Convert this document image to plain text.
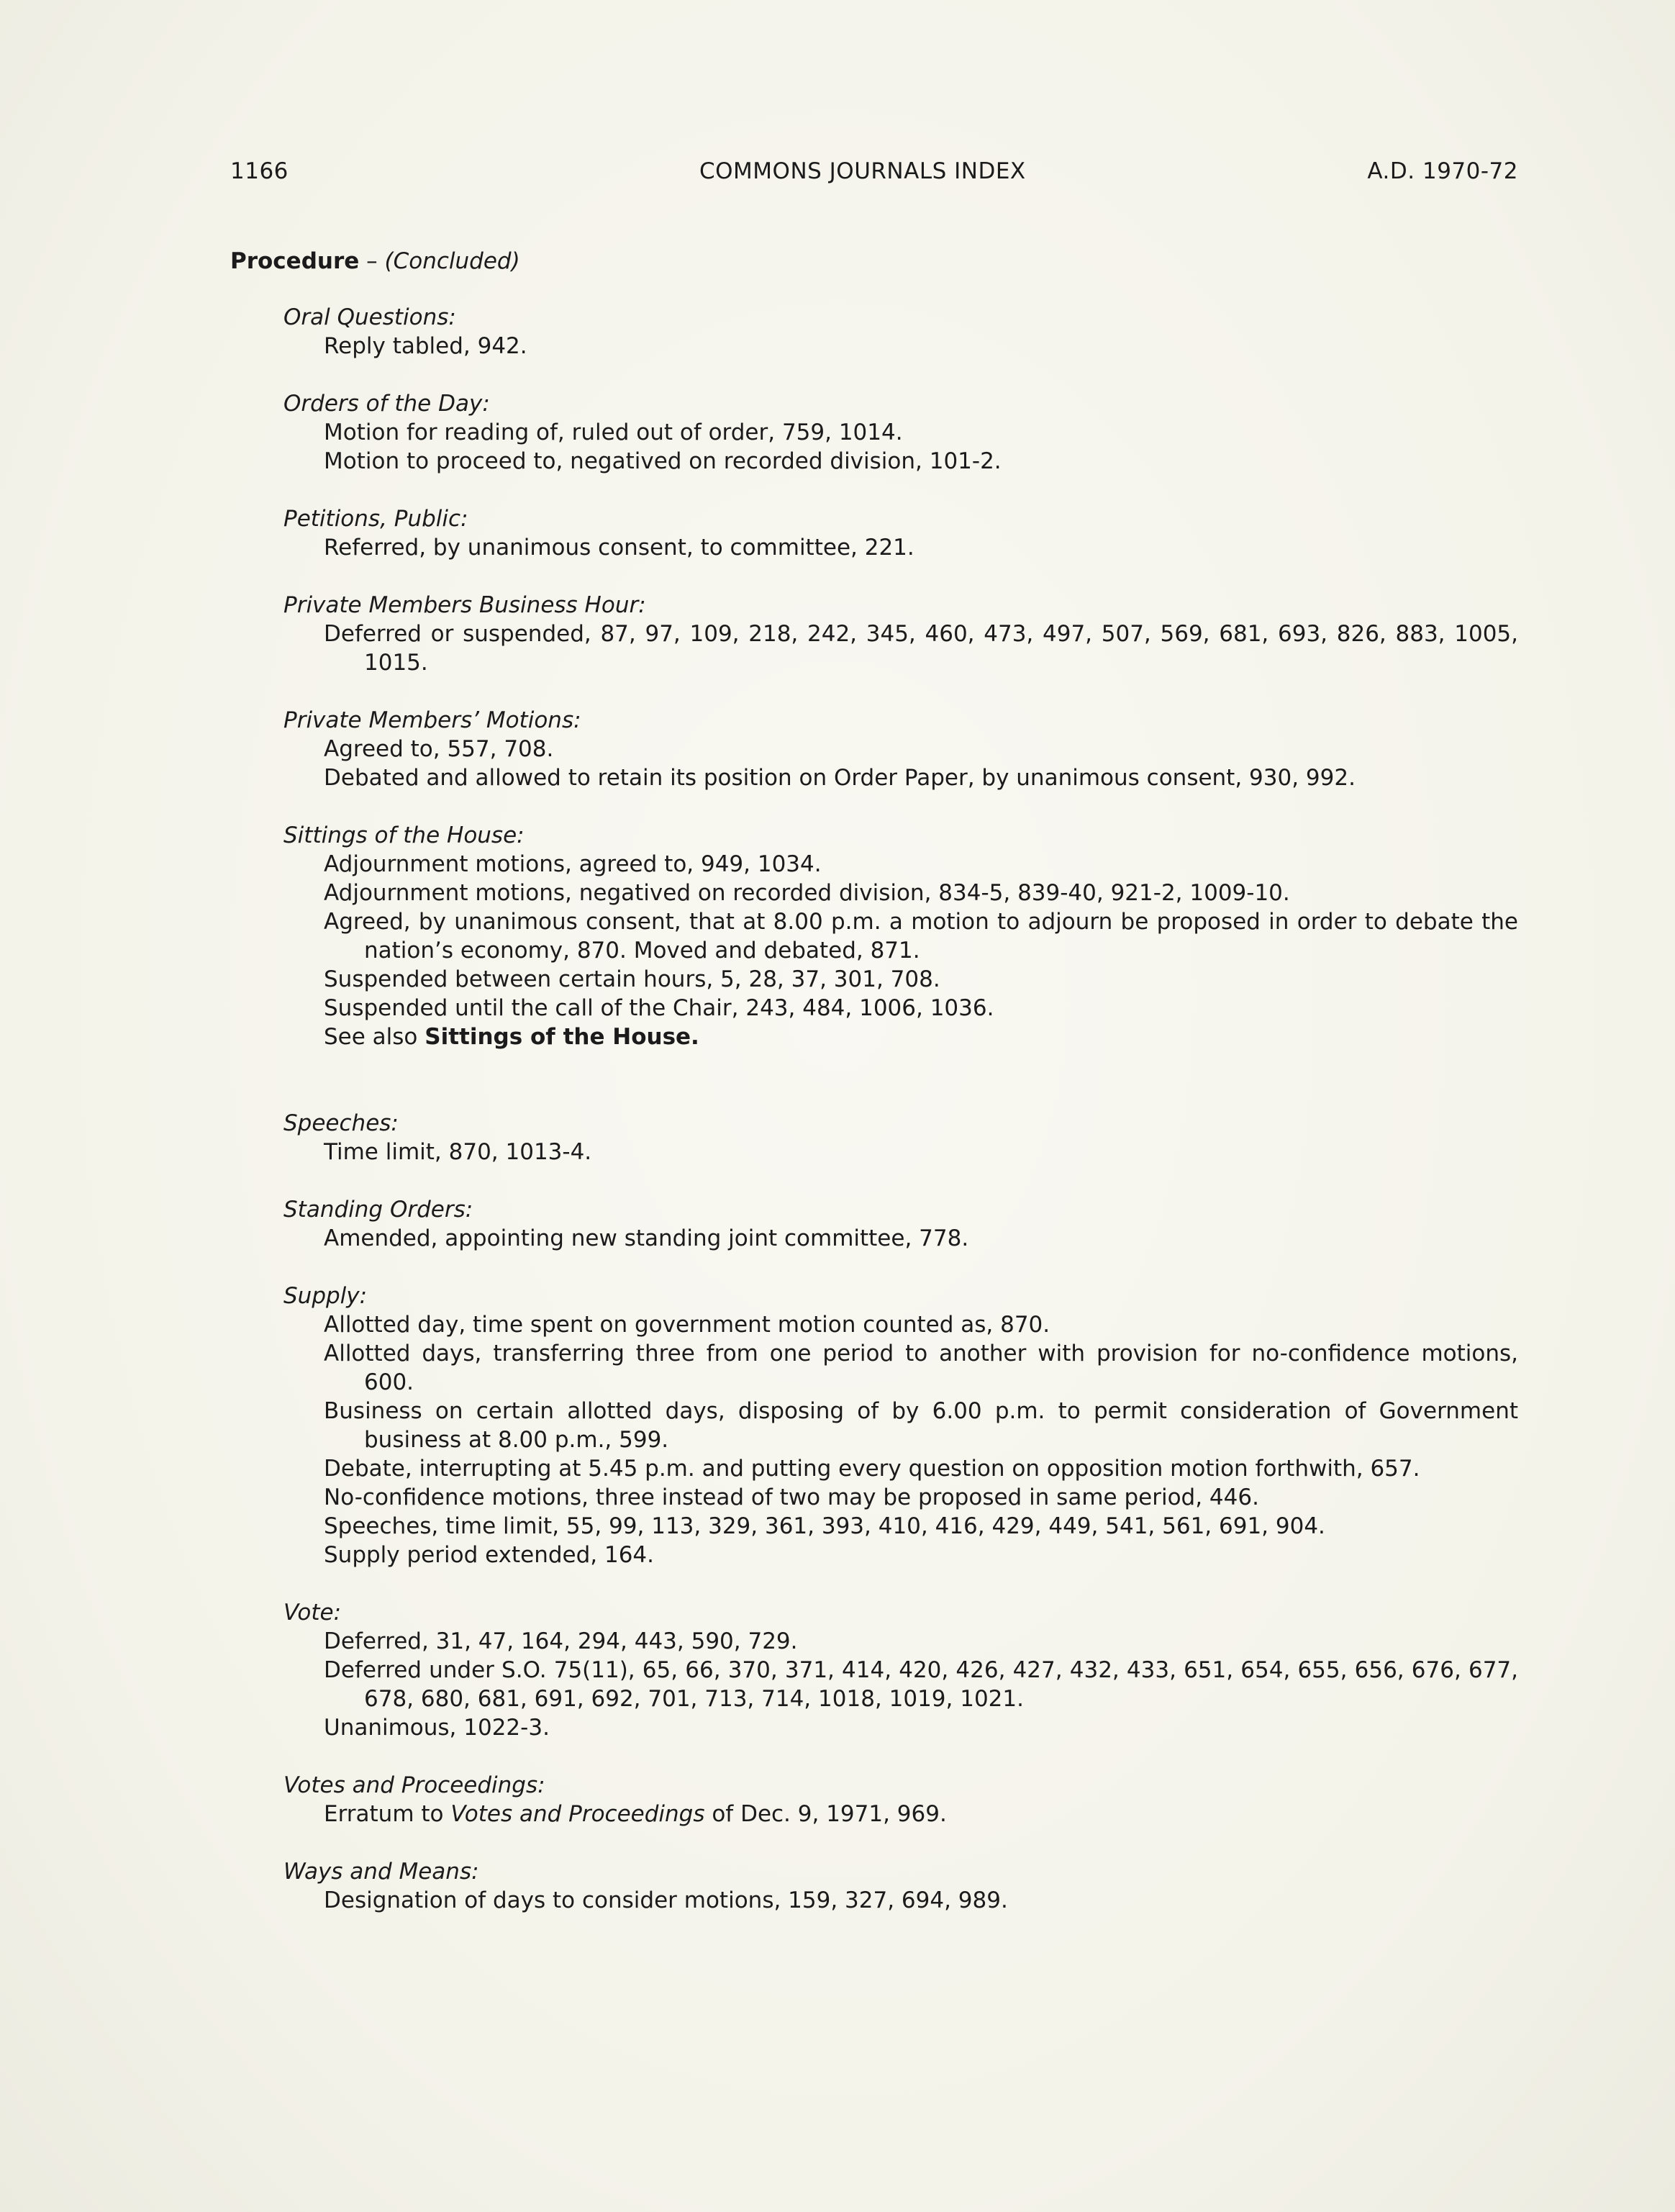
1166	COMMONS JOURNALS INDEX	A.D. 1970-72
Procedure – (Concluded)
Oral Questions:
Reply tabled, 942.
Orders of the Day:
Motion for reading of, ruled out of order, 759, 1014.
Motion to proceed to, negatived on recorded division, 101-2.
Petitions, Public:
Referred, by unanimous consent, to committee, 221.
Private Members Business Hour:
Deferred or suspended, 87, 97, 109, 218, 242, 345, 460, 473, 497, 507, 569, 681, 693, 826, 883, 1005, 1015.
Private Members’ Motions:
Agreed to, 557, 708.
Debated and allowed to retain its position on Order Paper, by unanimous consent, 930, 992.
Sittings of the House:
Adjournment motions, agreed to, 949, 1034.
Adjournment motions, negatived on recorded division, 834-5, 839-40, 921-2, 1009-10.
Agreed, by unanimous consent, that at 8.00 p.m. a motion to adjourn be proposed in order to debate the nation’s economy, 870. Moved and debated, 871.
Suspended between certain hours, 5, 28, 37, 301, 708.
Suspended until the call of the Chair, 243, 484, 1006, 1036.
See also Sittings of the House.
Speeches:
Time limit, 870, 1013-4.
Standing Orders:
Amended, appointing new standing joint committee, 778.
Supply:
Allotted day, time spent on government motion counted as, 870.
Allotted days, transferring three from one period to another with provision for no-confidence motions, 600.
Business on certain allotted days, disposing of by 6.00 p.m. to permit consideration of Government business at 8.00 p.m., 599.
Debate, interrupting at 5.45 p.m. and putting every question on opposition motion forthwith, 657.
No-confidence motions, three instead of two may be proposed in same period, 446.
Speeches, time limit, 55, 99, 113, 329, 361, 393, 410, 416, 429, 449, 541, 561, 691, 904.
Supply period extended, 164.
Vote:
Deferred, 31, 47, 164, 294, 443, 590, 729.
Deferred under S.O. 75(11), 65, 66, 370, 371, 414, 420, 426, 427, 432, 433, 651, 654, 655, 656, 676, 677, 678, 680, 681, 691, 692, 701, 713, 714, 1018, 1019, 1021.
Unanimous, 1022-3.
Votes and Proceedings:
Erratum to Votes and Proceedings of Dec. 9, 1971, 969.
Ways and Means:
Designation of days to consider motions, 159, 327, 694, 989.
